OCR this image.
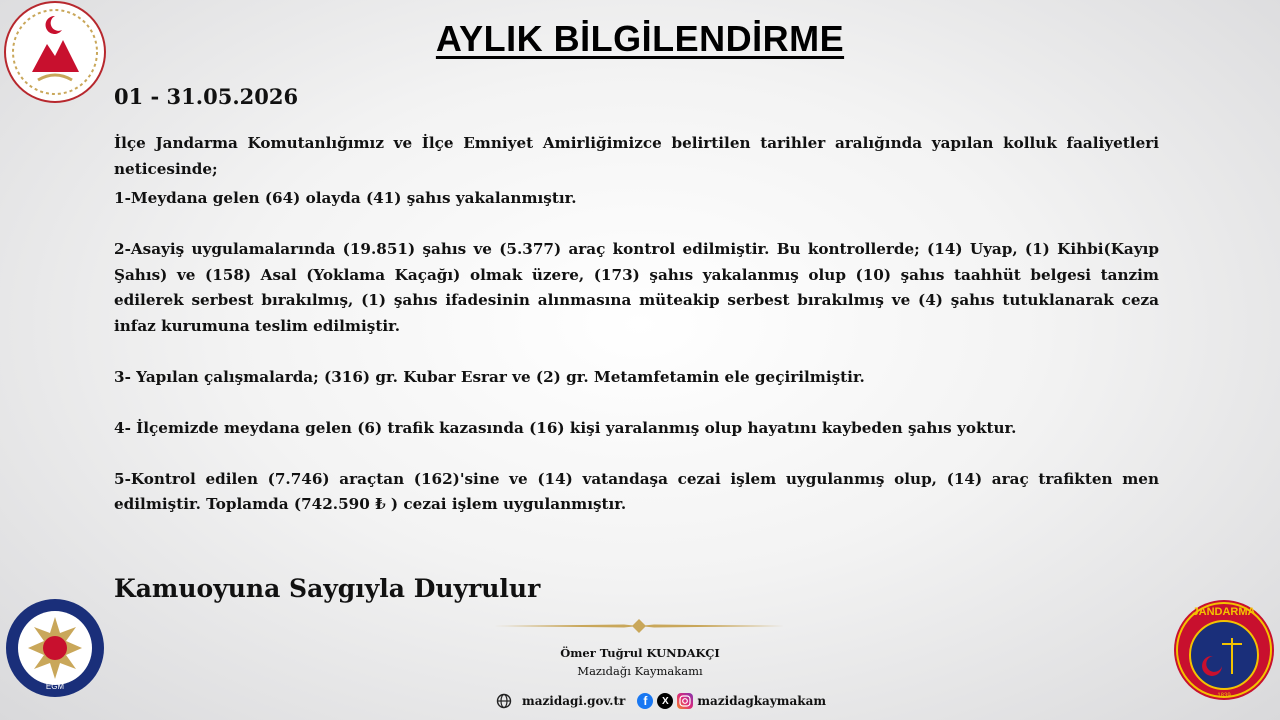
AYLIK BİLGİLENDİRME
01 - 31.05.2026

İlçe Jandarma Komutanlığımız ve İlçe Emniyet Amirliğimizce belirtilen tarihler aralığında yapılan kolluk faaliyetleri neticesinde;

1-Meydana gelen (64) olayda (41) şahıs yakalanmıştır.

2-Asayiş uygulamalarında (19.851) şahıs ve (5.377) araç kontrol edilmiştir. Bu kontrollerde; (14) Uyap, (1) Kihbi(Kayıp Şahıs) ve (158) Asal (Yoklama Kaçağı) olmak üzere, (173) şahıs yakalanmış olup (10) şahıs taahhüt belgesi tanzim edilerek serbest bırakılmış, (1) şahıs ifadesinin alınmasına müteakip serbest bırakılmış ve (4) şahıs tutuklanarak ceza infaz kurumuna teslim edilmiştir.

3- Yapılan çalışmalarda; (316) gr. Kubar Esrar ve (2) gr. Metamfetamin ele geçirilmiştir.

4- İlçemizde meydana gelen (6) trafik kazasında (16) kişi yaralanmış olup hayatını kaybeden şahıs yoktur.

5-Kontrol edilen (7.746) araçtan (162)'sine ve (14) vatandaşa cezai işlem uygulanmış olup, (14) araç trafikten men edilmiştir. Toplamda (742.590 ₺ ) cezai işlem uygulanmıştır.

Kamuoyuna Saygıyla Duyrulur
Ömer Tuğrul KUNDAKÇI
Mazıdağı Kaymakamı
mazidagi.gov.tr	f	X	mazidagkaymakam
EGM
JANDARMA
1839
